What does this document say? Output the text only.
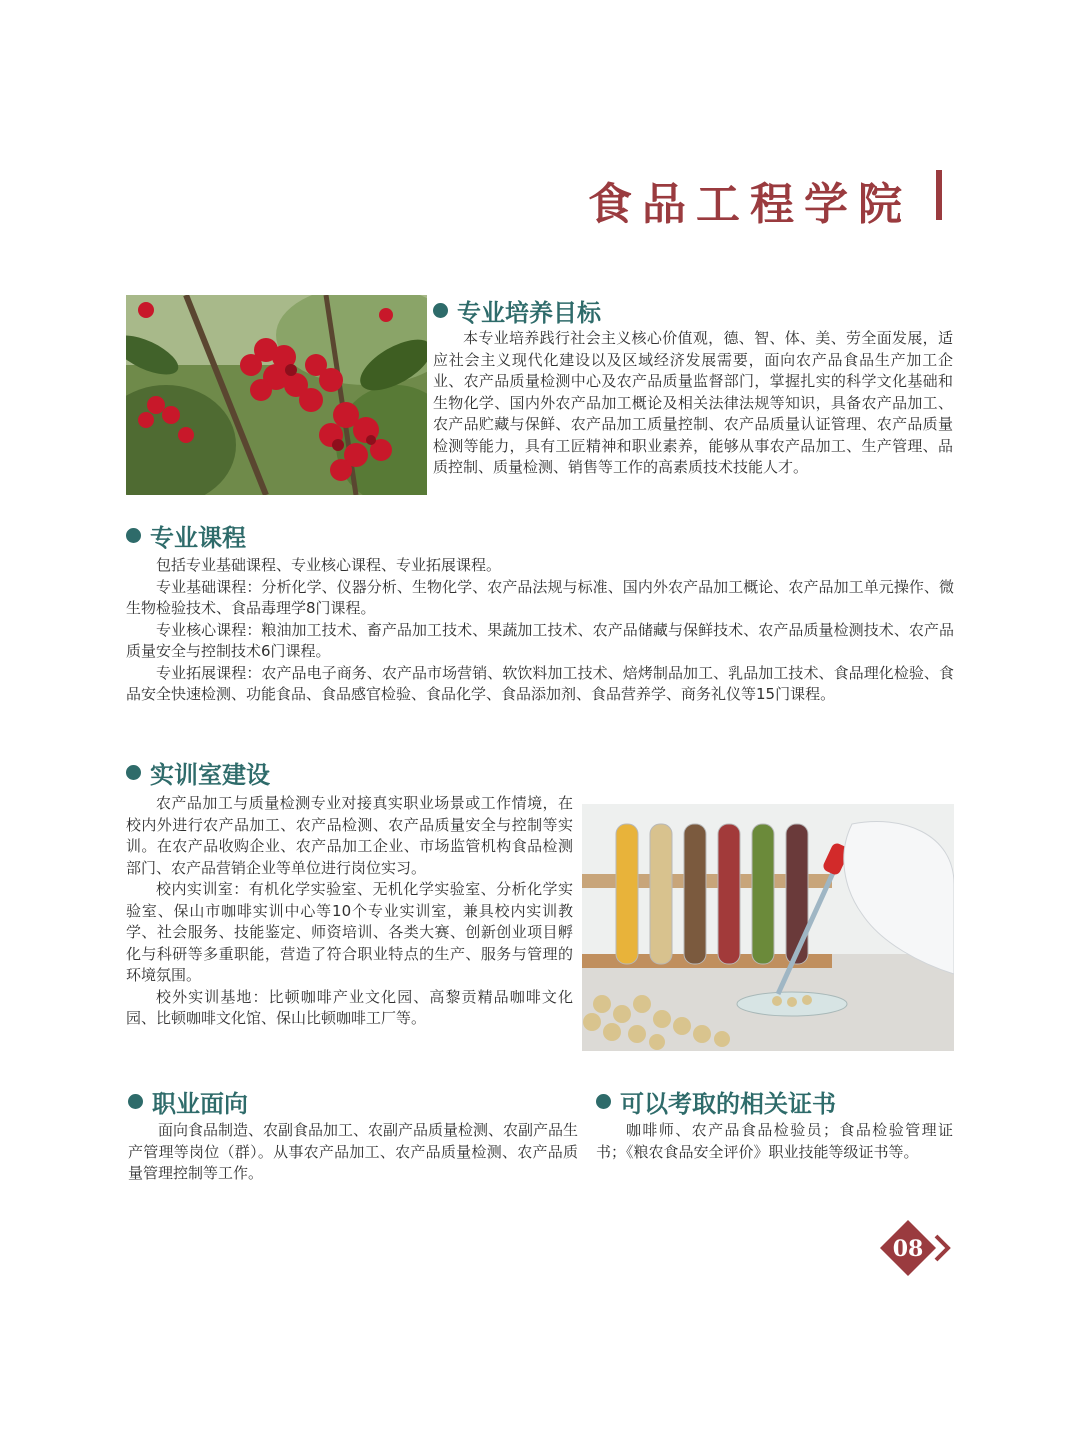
食品工程学院
专业培养目标
本专业培养践行社会主义核心价值观，德、智、体、美、劳全面发展，适应社会主义现代化建设以及区域经济发展需要，面向农产品食品生产加工企业、农产品质量检测中心及农产品质量监督部门，掌握扎实的科学文化基础和生物化学、国内外农产品加工概论及相关法律法规等知识，具备农产品加工、农产品贮藏与保鲜、农产品加工质量控制、农产品质量认证管理、农产品质量检测等能力，具有工匠精神和职业素养，能够从事农产品加工、生产管理、品质控制、质量检测、销售等工作的高素质技术技能人才。
专业课程

包括专业基础课程、专业核心课程、专业拓展课程。

专业基础课程：分析化学、仪器分析、生物化学、农产品法规与标准、国内外农产品加工概论、农产品加工单元操作、微生物检验技术、食品毒理学8门课程。

专业核心课程：粮油加工技术、畜产品加工技术、果蔬加工技术、农产品储藏与保鲜技术、农产品质量检测技术、农产品质量安全与控制技术6门课程。

专业拓展课程：农产品电子商务、农产品市场营销、软饮料加工技术、焙烤制品加工、乳品加工技术、食品理化检验、食品安全快速检测、功能食品、食品感官检验、食品化学、食品添加剂、食品营养学、商务礼仪等15门课程。

实训室建设

农产品加工与质量检测专业对接真实职业场景或工作情境，在校内外进行农产品加工、农产品检测、农产品质量安全与控制等实训。在农产品收购企业、农产品加工企业、市场监管机构食品检测部门、农产品营销企业等单位进行岗位实习。

校内实训室：有机化学实验室、无机化学实验室、分析化学实验室、保山市咖啡实训中心等10个专业实训室，兼具校内实训教学、社会服务、技能鉴定、师资培训、各类大赛、创新创业项目孵化与科研等多重职能，营造了符合职业特点的生产、服务与管理的环境氛围。

校外实训基地：比顿咖啡产业文化园、高黎贡精品咖啡文化园、比顿咖啡文化馆、保山比顿咖啡工厂等。

职业面向
面向食品制造、农副食品加工、农副产品质量检测、农副产品生产管理等岗位（群）。从事农产品加工、农产品质量检测、农产品质量管理控制等工作。
可以考取的相关证书
咖啡师、农产品食品检验员；食品检验管理证书；《粮农食品安全评价》职业技能等级证书等。
08
